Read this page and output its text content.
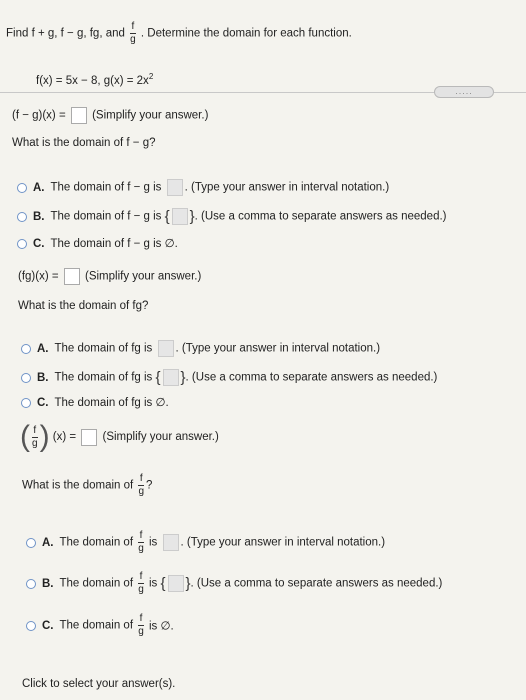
Find f + g, f − g, fg, and $\frac{f}{g}$ . Determine the domain for each function.
f(x) = 5x − 8, $g(x) = 2x^2$
.....
(f − g)(x) = (Simplify your answer.)
What is the domain of f − g?
A. The domain of f − g is . (Type your answer in interval notation.)
B. The domain of f − g is { } . (Use a comma to separate answers as needed.)
C. The domain of f − g is ∅.
(fg)(x) = (Simplify your answer.)
What is the domain of fg?
A. The domain of fg is . (Type your answer in interval notation.)
B. The domain of fg is { } . (Use a comma to separate answers as needed.)
C. The domain of fg is ∅.
( $\frac{f}{g}$ ) (x) = (Simplify your answer.)
What is the domain of $\frac{f}{g}$ ?
A. The domain of $\frac{f}{g}$ is . (Type your answer in interval notation.)
B. The domain of $\frac{f}{g}$ is { } . (Use a comma to separate answers as needed.)
C. The domain of $\frac{f}{g}$ is ∅.
Click to select your answer(s).
